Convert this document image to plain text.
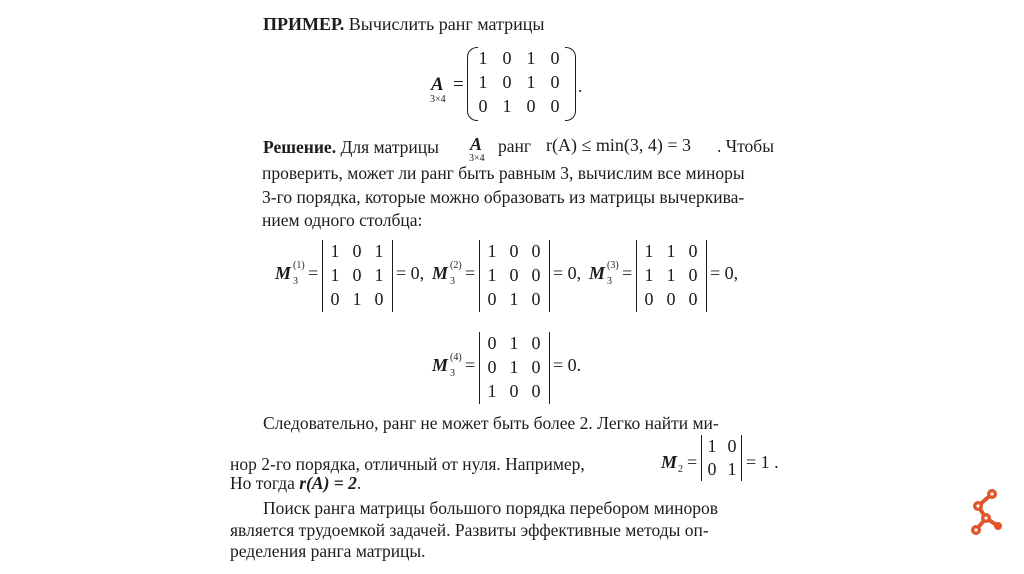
ПРИМЕР. Вычислить ранг матрицы
A
3×4
=
1 0 1 0
1 0 1 0
0 1 0 0
.
Решение. Для матрицы A
3×4
ранг r(A) ≤ min(3, 4) = 3 . Чтобы
проверить, может ли ранг быть равным 3, вычислим все миноры
3-го порядка, которые можно образовать из матрицы вычеркива-
нием одного столбца:
M (1)
3 =
1 0 1
1 0 1
0 1 0
= 0, M (2)
3 =
1 0 0
1 0 0
0 1 0
= 0, M (3)
3 =
1 1 0
1 1 0
0 0 0
= 0,
M (4)
3 =
0 1 0
0 1 0
1 0 0
= 0.
Следовательно, ранг не может быть более 2. Легко найти ми-
нор 2-го порядка, отличный от нуля. Например,	M 2 =
1 0
0 1 = 1 .
Но тогда r(A) = 2.
Поиск ранга матрицы большого порядка перебором миноров
является трудоемкой задачей. Развиты эффективные методы оп-
ределения ранга матрицы.
